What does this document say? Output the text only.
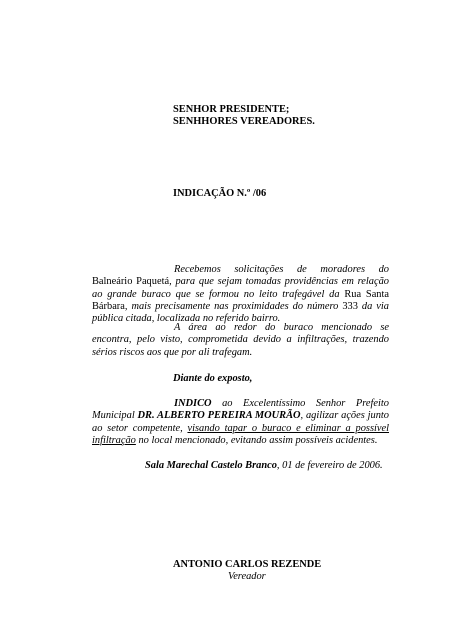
SENHOR PRESIDENTE;
SENHHORES VEREADORES.
INDICAÇÃO N.º /06
Recebemos solicitações de moradores do
Balneário Paquetá, para que sejam tomadas providências em relação ao grande buraco que se formou no leito trafegável da Rua Santa Bárbara, mais precisamente nas proximidades do número 333 da via pública citada, localizada no referido bairro.
A área ao redor do buraco mencionado se
encontra, pelo visto, comprometida devido a infiltrações, trazendo sérios riscos aos que por ali trafegam.
Diante do exposto,
INDICO ao Excelentíssimo Senhor Prefeito
Municipal DR. ALBERTO PEREIRA MOURÃO, agilizar ações junto ao setor competente, visando tapar o buraco e eliminar a possível infiltração no local mencionado, evitando assim possíveis acidentes.
Sala Marechal Castelo Branco, 01 de fevereiro de 2006.
ANTONIO CARLOS REZENDE
Vereador
